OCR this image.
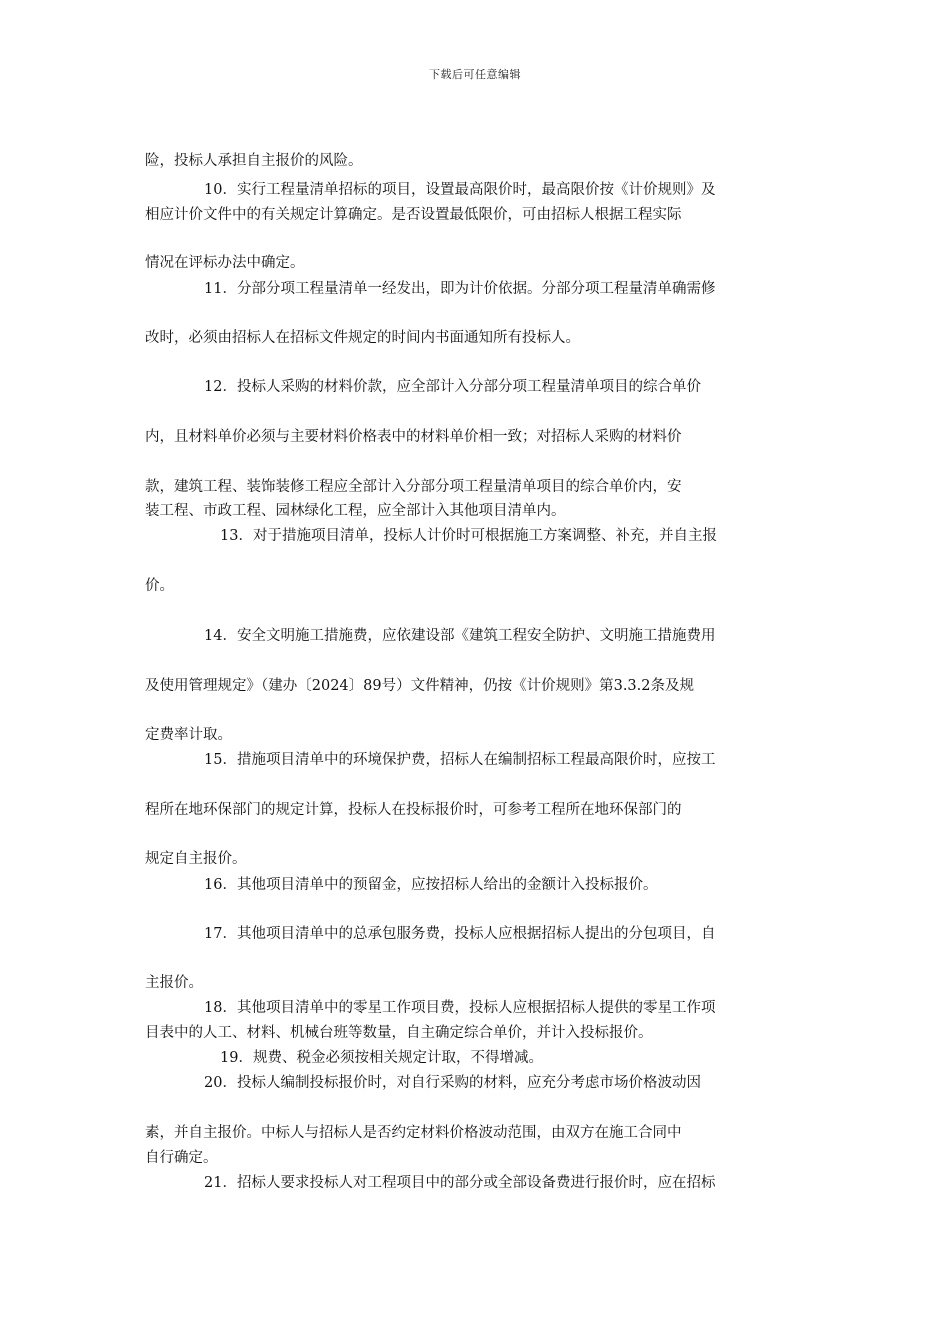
下载后可任意编辑
险，投标人承担自主报价的风险。
10．实行工程量清单招标的项目，设置最高限价时，最高限价按《计价规则》及
相应计价文件中的有关规定计算确定。是否设置最低限价，可由招标人根据工程实际
情况在评标办法中确定。
11．分部分项工程量清单一经发出，即为计价依据。分部分项工程量清单确需修
改时，必须由招标人在招标文件规定的时间内书面通知所有投标人。
12．投标人采购的材料价款，应全部计入分部分项工程量清单项目的综合单价
内，且材料单价必须与主要材料价格表中的材料单价相一致；对招标人采购的材料价
款，建筑工程、装饰装修工程应全部计入分部分项工程量清单项目的综合单价内，安
装工程、市政工程、园林绿化工程，应全部计入其他项目清单内。
13．对于措施项目清单，投标人计价时可根据施工方案调整、补充，并自主报
价。
14．安全文明施工措施费，应依建设部《建筑工程安全防护、文明施工措施费用
及使用管理规定》（建办〔2024〕89号）文件精神，仍按《计价规则》第3.3.2条及规
定费率计取。
15．措施项目清单中的环境保护费，招标人在编制招标工程最高限价时，应按工
程所在地环保部门的规定计算，投标人在投标报价时，可参考工程所在地环保部门的
规定自主报价。
16．其他项目清单中的预留金，应按招标人给出的金额计入投标报价。
17．其他项目清单中的总承包服务费，投标人应根据招标人提出的分包项目，自
主报价。
18．其他项目清单中的零星工作项目费，投标人应根据招标人提供的零星工作项
目表中的人工、材料、机械台班等数量，自主确定综合单价，并计入投标报价。
19．规费、税金必须按相关规定计取，不得增减。
20．投标人编制投标报价时，对自行采购的材料，应充分考虑市场价格波动因
素，并自主报价。中标人与招标人是否约定材料价格波动范围，由双方在施工合同中
自行确定。
21．招标人要求投标人对工程项目中的部分或全部设备费进行报价时，应在招标
